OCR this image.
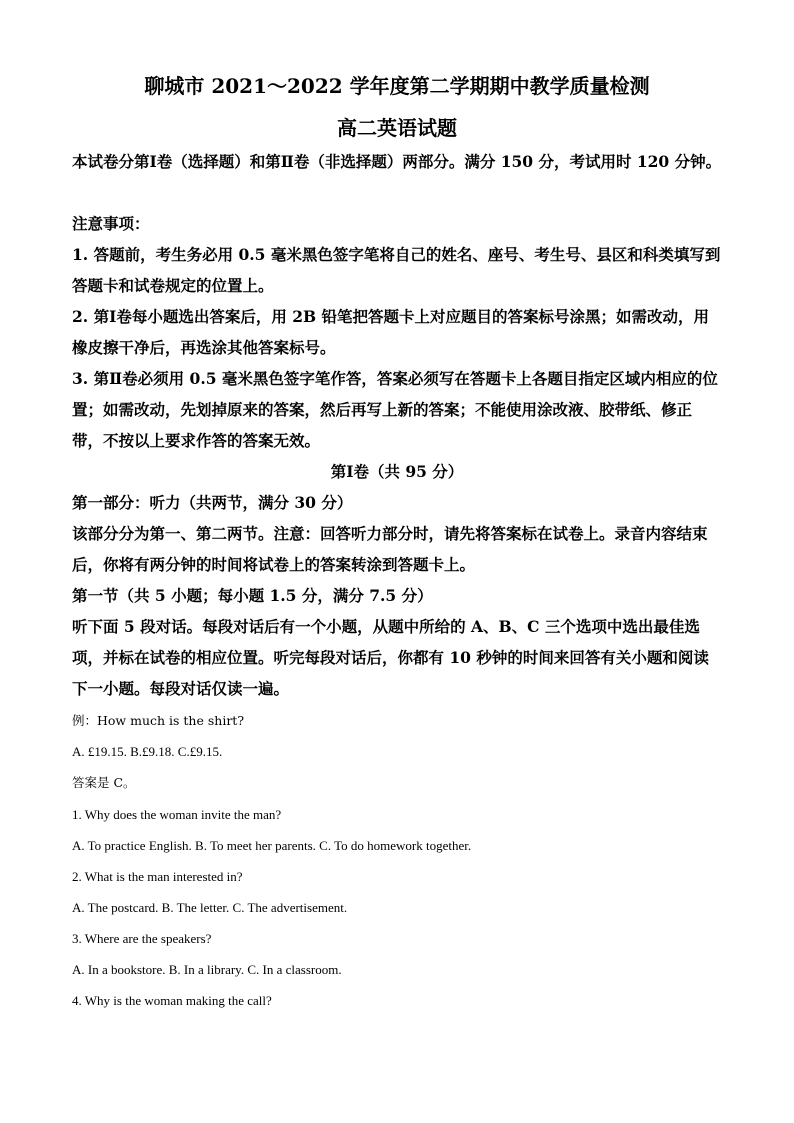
聊城市 2021～2022 学年度第二学期期中教学质量检测
高二英语试题
本试卷分第Ⅰ卷（选择题）和第Ⅱ卷（非选择题）两部分。满分 150 分，考试用时 120 分钟。
注意事项：
1. 答题前，考生务必用 0.5 毫米黑色签字笔将自己的姓名、座号、考生号、县区和科类填写到答题卡和试卷规定的位置上。
2. 第Ⅰ卷每小题选出答案后，用 2B 铅笔把答题卡上对应题目的答案标号涂黑；如需改动，用橡皮擦干净后，再选涂其他答案标号。
3. 第Ⅱ卷必须用 0.5 毫米黑色签字笔作答，答案必须写在答题卡上各题目指定区域内相应的位置；如需改动，先划掉原来的答案，然后再写上新的答案；不能使用涂改液、胶带纸、修正带，不按以上要求作答的答案无效。
第Ⅰ卷（共 95 分）
第一部分：听力（共两节，满分 30 分）
该部分分为第一、第二两节。注意：回答听力部分时，请先将答案标在试卷上。录音内容结束后，你将有两分钟的时间将试卷上的答案转涂到答题卡上。
第一节（共 5 小题；每小题 1.5 分，满分 7.5 分）
听下面 5 段对话。每段对话后有一个小题，从题中所给的 A、B、C 三个选项中选出最佳选项，并标在试卷的相应位置。听完每段对话后，你都有 10 秒钟的时间来回答有关小题和阅读下一小题。每段对话仅读一遍。
例：How much is the shirt?
A. £19.15. B.£9.18. C.£9.15.
答案是 C。
1. Why does the woman invite the man?
A. To practice English. B. To meet her parents. C. To do homework together.
2. What is the man interested in?
A. The postcard. B. The letter. C. The advertisement.
3. Where are the speakers?
A. In a bookstore. B. In a library. C. In a classroom.
4. Why is the woman making the call?
